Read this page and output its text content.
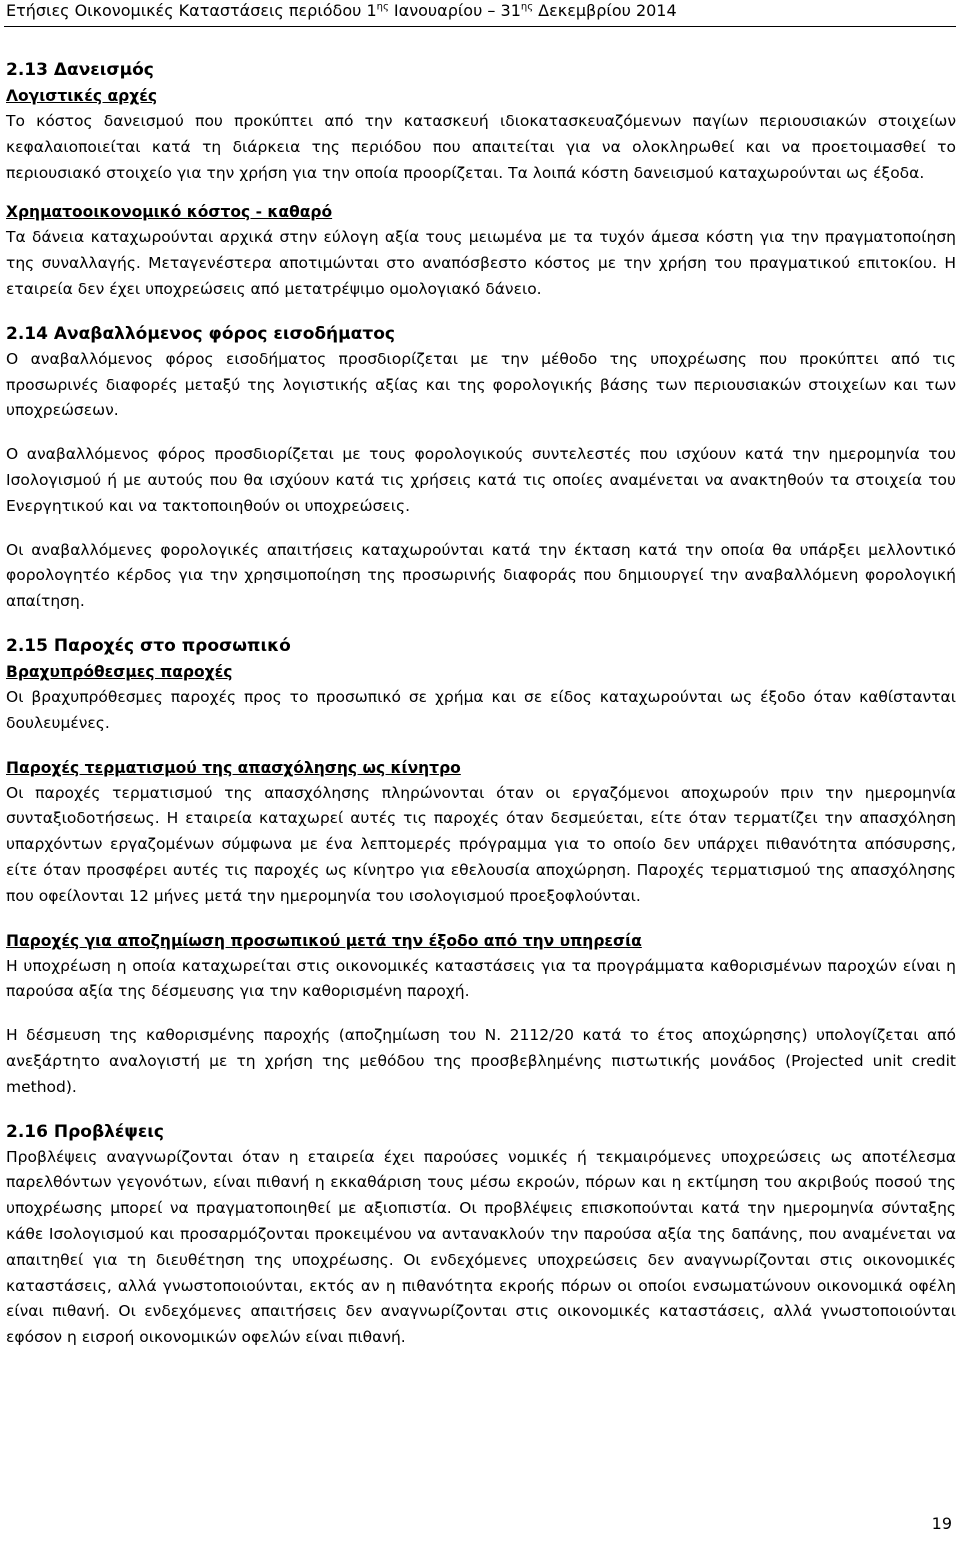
Ετήσιες Οικονομικές Καταστάσεις περιόδου $1^{\eta\varsigma}$ Ιανουαρίου – $31^{\eta\varsigma}$ Δεκεμβρίου 2014
2.13 Δανεισμός
Λογιστικές αρχές

Το κόστος δανεισμού που προκύπτει από την κατασκευή ιδιοκατασκευαζόμενων παγίων περιουσιακών στοιχείων κεφαλαιοποιείται κατά τη διάρκεια της περιόδου που απαιτείται για να ολοκληρωθεί και να προετοιμασθεί το περιουσιακό στοιχείο για την χρήση για την οποία προορίζεται. Τα λοιπά κόστη δανεισμού καταχωρούνται ως έξοδα.

Χρηματοοικονομικό κόστος - καθαρό

Τα δάνεια καταχωρούνται αρχικά στην εύλογη αξία τους μειωμένα με τα τυχόν άμεσα κόστη για την πραγματοποίηση της συναλλαγής. Μεταγενέστερα αποτιμώνται στο αναπόσβεστο κόστος με την χρήση του πραγματικού επιτοκίου. Η εταιρεία δεν έχει υποχρεώσεις από μετατρέψιμο ομολογιακό δάνειο.

2.14 Αναβαλλόμενος φόρος εισοδήματος

Ο αναβαλλόμενος φόρος εισοδήματος προσδιορίζεται με την μέθοδο της υποχρέωσης που προκύπτει από τις προσωρινές διαφορές μεταξύ της λογιστικής αξίας και της φορολογικής βάσης των περιουσιακών στοιχείων και των υποχρεώσεων.

Ο αναβαλλόμενος φόρος προσδιορίζεται με τους φορολογικούς συντελεστές που ισχύουν κατά την ημερομηνία του Ισολογισμού ή με αυτούς που θα ισχύουν κατά τις χρήσεις κατά τις οποίες αναμένεται να ανακτηθούν τα στοιχεία του Ενεργητικού και να τακτοποιηθούν οι υποχρεώσεις.

Οι αναβαλλόμενες φορολογικές απαιτήσεις καταχωρούνται κατά την έκταση κατά την οποία θα υπάρξει μελλοντικό φορολογητέο κέρδος για την χρησιμοποίηση της προσωρινής διαφοράς που δημιουργεί την αναβαλλόμενη φορολογική απαίτηση.

2.15 Παροχές στο προσωπικό
Βραχυπρόθεσμες παροχές

Οι βραχυπρόθεσμες παροχές προς το προσωπικό σε χρήμα και σε είδος καταχωρούνται ως έξοδο όταν καθίστανται δουλευμένες.

Παροχές τερματισμού της απασχόλησης ως κίνητρο

Οι παροχές τερματισμού της απασχόλησης πληρώνονται όταν οι εργαζόμενοι αποχωρούν πριν την ημερομηνία συνταξιοδοτήσεως. Η εταιρεία καταχωρεί αυτές τις παροχές όταν δεσμεύεται, είτε όταν τερματίζει την απασχόληση υπαρχόντων εργαζομένων σύμφωνα με ένα λεπτομερές πρόγραμμα για το οποίο δεν υπάρχει πιθανότητα απόσυρσης, είτε όταν προσφέρει αυτές τις παροχές ως κίνητρο για εθελουσία αποχώρηση. Παροχές τερματισμού της απασχόλησης που οφείλονται 12 μήνες μετά την ημερομηνία του ισολογισμού προεξοφλούνται.

Παροχές για αποζημίωση προσωπικού μετά την έξοδο από την υπηρεσία

Η υποχρέωση η οποία καταχωρείται στις οικονομικές καταστάσεις για τα προγράμματα καθορισμένων παροχών είναι η παρούσα αξία της δέσμευσης για την καθορισμένη παροχή.

Η δέσμευση της καθορισμένης παροχής (αποζημίωση του Ν. 2112/20 κατά το έτος αποχώρησης) υπολογίζεται από ανεξάρτητο αναλογιστή με τη χρήση της μεθόδου της προσβεβλημένης πιστωτικής μονάδος (Projected unit credit method).

2.16 Προβλέψεις

Προβλέψεις αναγνωρίζονται όταν η εταιρεία έχει παρούσες νομικές ή τεκμαιρόμενες υποχρεώσεις ως αποτέλεσμα παρελθόντων γεγονότων, είναι πιθανή η εκκαθάριση τους μέσω εκροών, πόρων και η εκτίμηση του ακριβούς ποσού της υποχρέωσης μπορεί να πραγματοποιηθεί με αξιοπιστία. Οι προβλέψεις επισκοπούνται κατά την ημερομηνία σύνταξης κάθε Ισολογισμού και προσαρμόζονται προκειμένου να αντανακλούν την παρούσα αξία της δαπάνης, που αναμένεται να απαιτηθεί για τη διευθέτηση της υποχρέωσης. Οι ενδεχόμενες υποχρεώσεις δεν αναγνωρίζονται στις οικονομικές καταστάσεις, αλλά γνωστοποιούνται, εκτός αν η πιθανότητα εκροής πόρων οι οποίοι ενσωματώνουν οικονομικά οφέλη είναι πιθανή. Οι ενδεχόμενες απαιτήσεις δεν αναγνωρίζονται στις οικονομικές καταστάσεις, αλλά γνωστοποιούνται εφόσον η εισροή οικονομικών οφελών είναι πιθανή.

19
